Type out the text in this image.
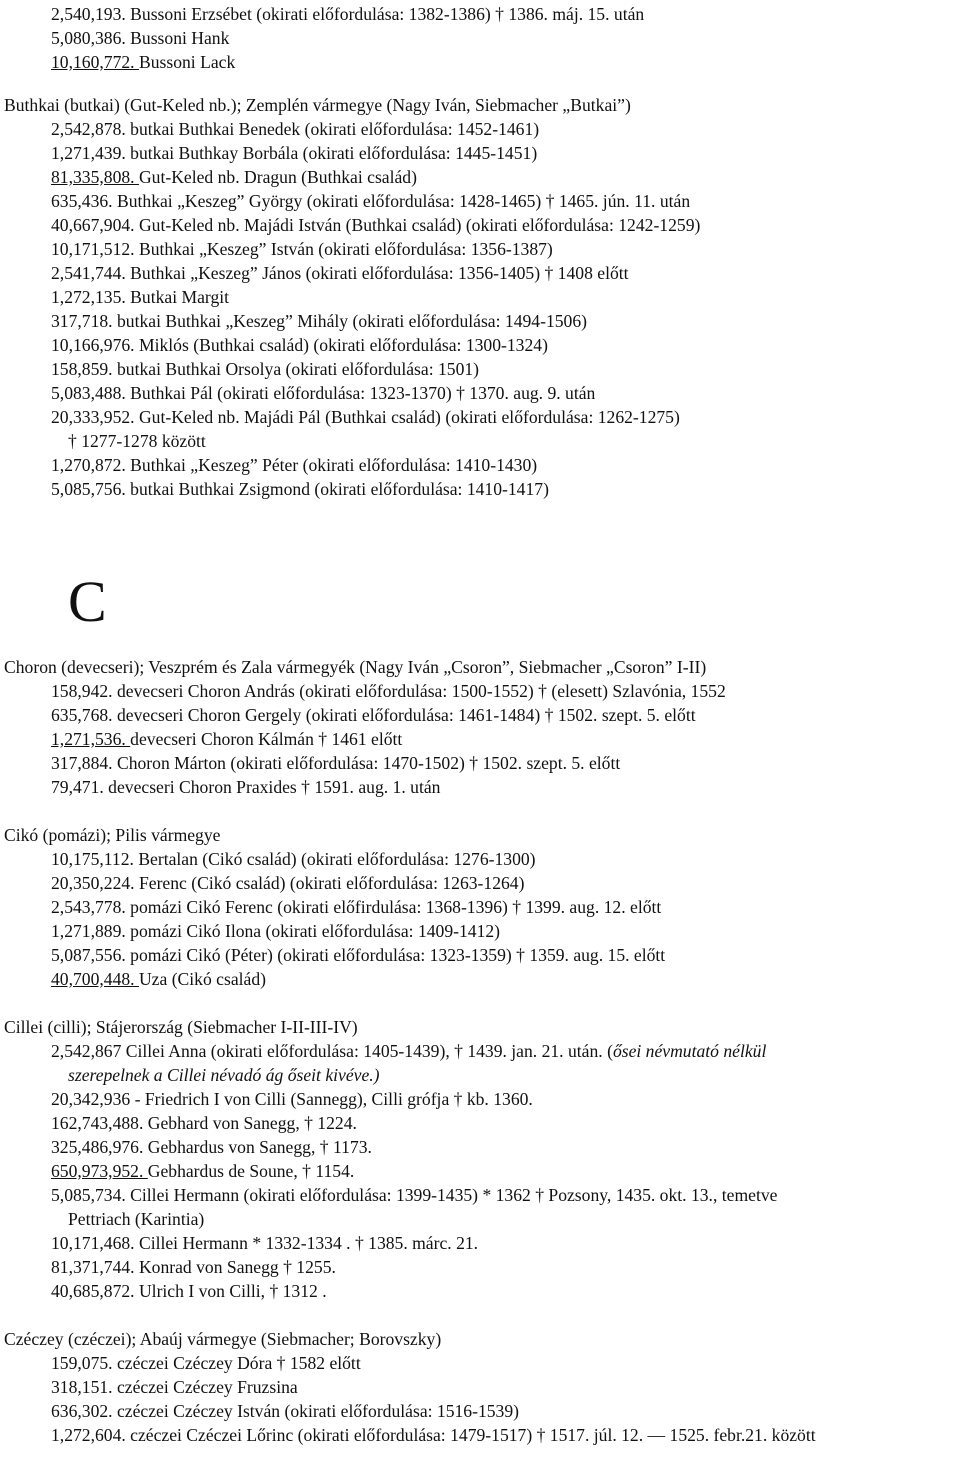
C
2,540,193. Bussoni Erzsébet (okirati előfordulása: 1382-1386) † 1386. máj. 15. után
5,080,386. Bussoni Hank
10,160,772. Bussoni Lack
Buthkai (butkai) (Gut-Keled nb.); Zemplén vármegye (Nagy Iván, Siebmacher „Butkai”)
2,542,878. butkai Buthkai Benedek (okirati előfordulása: 1452-1461)
1,271,439. butkai Buthkay Borbála (okirati előfordulása: 1445-1451)
81,335,808. Gut-Keled nb. Dragun (Buthkai család)
635,436. Buthkai „Keszeg” György (okirati előfordulása: 1428-1465) † 1465. jún. 11. után
40,667,904. Gut-Keled nb. Majádi István (Buthkai család) (okirati előfordulása: 1242-1259)
10,171,512. Buthkai „Keszeg” István (okirati előfordulása: 1356-1387)
2,541,744. Buthkai „Keszeg” János (okirati előfordulása: 1356-1405) † 1408 előtt
1,272,135. Butkai Margit
317,718. butkai Buthkai „Keszeg” Mihály (okirati előfordulása: 1494-1506)
10,166,976. Miklós (Buthkai család) (okirati előfordulása: 1300-1324)
158,859. butkai Buthkai Orsolya (okirati előfordulása: 1501)
5,083,488. Buthkai Pál (okirati előfordulása: 1323-1370) † 1370. aug. 9. után
20,333,952. Gut-Keled nb. Majádi Pál (Buthkai család) (okirati előfordulása: 1262-1275)
† 1277-1278 között
1,270,872. Buthkai „Keszeg” Péter (okirati előfordulása: 1410-1430)
5,085,756. butkai Buthkai Zsigmond (okirati előfordulása: 1410-1417)
Choron (devecseri); Veszprém és Zala vármegyék (Nagy Iván „Csoron”, Siebmacher „Csoron” I-II)
158,942. devecseri Choron András (okirati előfordulása: 1500-1552) † (elesett) Szlavónia, 1552
635,768. devecseri Choron Gergely (okirati előfordulása: 1461-1484) † 1502. szept. 5. előtt
1,271,536. devecseri Choron Kálmán † 1461 előtt
317,884. Choron Márton (okirati előfordulása: 1470-1502) † 1502. szept. 5. előtt
79,471. devecseri Choron Praxides † 1591. aug. 1. után
Cikó (pomázi); Pilis vármegye
10,175,112. Bertalan (Cikó család) (okirati előfordulása: 1276-1300)
20,350,224. Ferenc (Cikó család) (okirati előfordulása: 1263-1264)
2,543,778. pomázi Cikó Ferenc (okirati előfirdulása: 1368-1396) † 1399. aug. 12. előtt
1,271,889. pomázi Cikó Ilona (okirati előfordulása: 1409-1412)
5,087,556. pomázi Cikó (Péter) (okirati előfordulása: 1323-1359) † 1359. aug. 15. előtt
40,700,448. Uza (Cikó család)
Cillei (cilli); Stájerország (Siebmacher I-II-III-IV)
2,542,867 Cillei Anna (okirati előfordulása: 1405-1439), † 1439. jan. 21. után. (ősei névmutató nélkül
szerepelnek a Cillei névadó ág őseit kivéve.)
20,342,936 - Friedrich I von Cilli (Sannegg), Cilli grófja † kb. 1360.
162,743,488. Gebhard von Sanegg, † 1224.
325,486,976. Gebhardus von Sanegg, † 1173.
650,973,952. Gebhardus de Soune, † 1154.
5,085,734. Cillei Hermann (okirati előfordulása: 1399-1435) * 1362 † Pozsony, 1435. okt. 13., temetve
Pettriach (Karintia)
10,171,468. Cillei Hermann * 1332-1334 . † 1385. márc. 21.
81,371,744. Konrad von Sanegg † 1255.
40,685,872. Ulrich I von Cilli, † 1312 .
Czéczey (czéczei); Abaúj vármegye (Siebmacher; Borovszky)
159,075. czéczei Czéczey Dóra † 1582 előtt
318,151. czéczei Czéczey Fruzsina
636,302. czéczei Czéczey István (okirati előfordulása: 1516-1539)
1,272,604. czéczei Czéczei Lőrinc (okirati előfordulása: 1479-1517) † 1517. júl. 12. — 1525. febr.21. között
